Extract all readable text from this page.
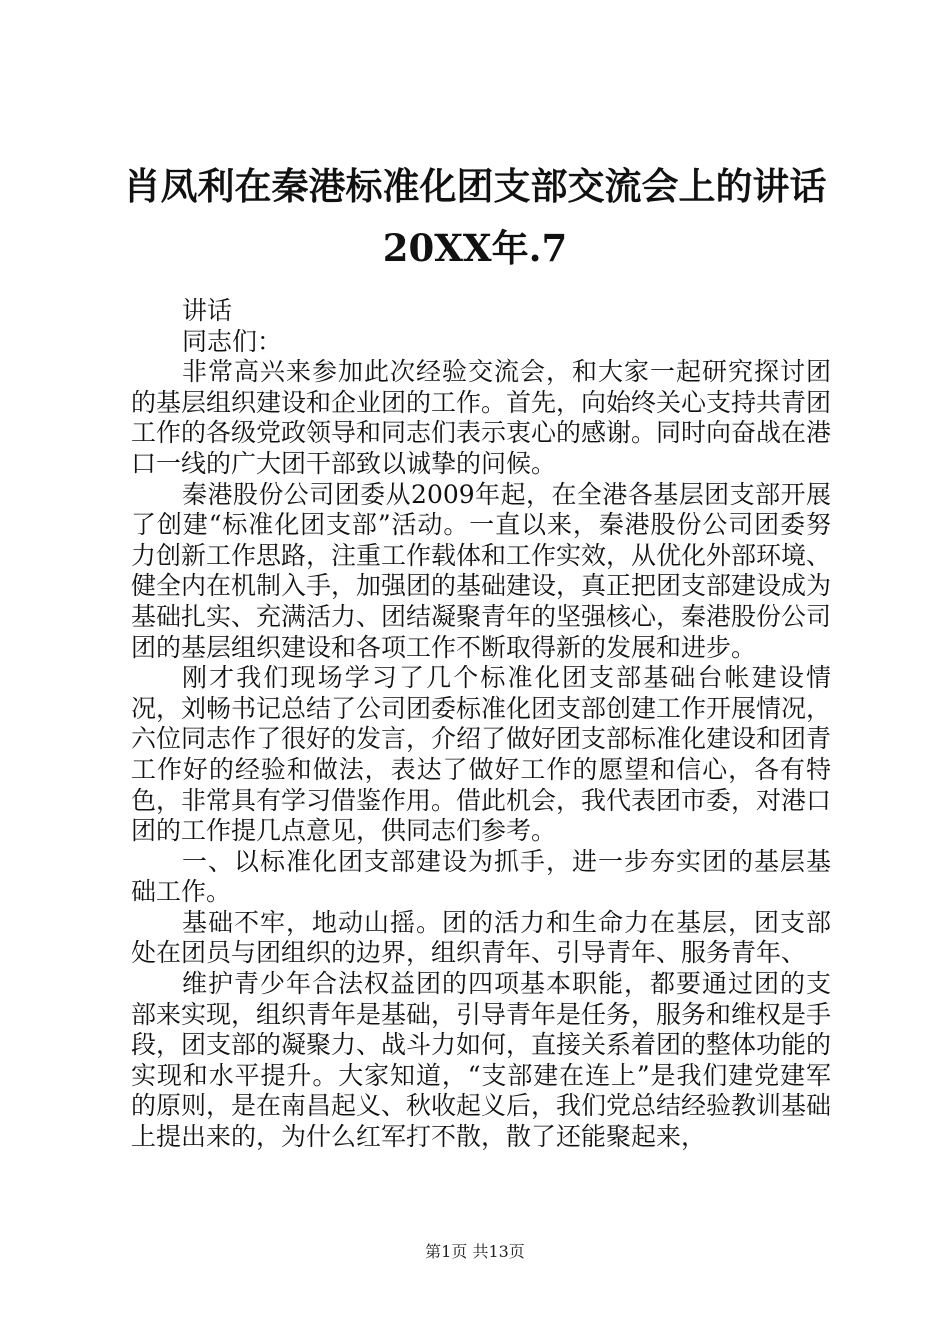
肖凤利在秦港标准化团支部交流会上的讲话
20XX年.7

讲话

同志们：

非常高兴来参加此次经验交流会，和大家一起研究探讨团的基层组织建设和企业团的工作。首先，向始终关心支持共青团工作的各级党政领导和同志们表示衷心的感谢。同时向奋战在港口一线的广大团干部致以诚挚的问候。

秦港股份公司团委从2009年起，在全港各基层团支部开展了创建“标准化团支部”活动。一直以来，秦港股份公司团委努力创新工作思路，注重工作载体和工作实效，从优化外部环境、健全内在机制入手，加强团的基础建设，真正把团支部建设成为基础扎实、充满活力、团结凝聚青年的坚强核心，秦港股份公司团的基层组织建设和各项工作不断取得新的发展和进步。

刚才我们现场学习了几个标准化团支部基础台帐建设情况，刘畅书记总结了公司团委标准化团支部创建工作开展情况，六位同志作了很好的发言，介绍了做好团支部标准化建设和团青工作好的经验和做法，表达了做好工作的愿望和信心，各有特色，非常具有学习借鉴作用。借此机会，我代表团市委，对港口团的工作提几点意见，供同志们参考。

一、以标准化团支部建设为抓手，进一步夯实团的基层基础工作。

基础不牢，地动山摇。团的活力和生命力在基层，团支部处在团员与团组织的边界，组织青年、引导青年、服务青年、

维护青少年合法权益团的四项基本职能，都要通过团的支部来实现，组织青年是基础，引导青年是任务，服务和维权是手段，团支部的凝聚力、战斗力如何，直接关系着团的整体功能的实现和水平提升。大家知道，“支部建在连上”是我们建党建军的原则，是在南昌起义、秋收起义后，我们党总结经验教训基础上提出来的，为什么红军打不散，散了还能聚起来，

第1页 共13页
